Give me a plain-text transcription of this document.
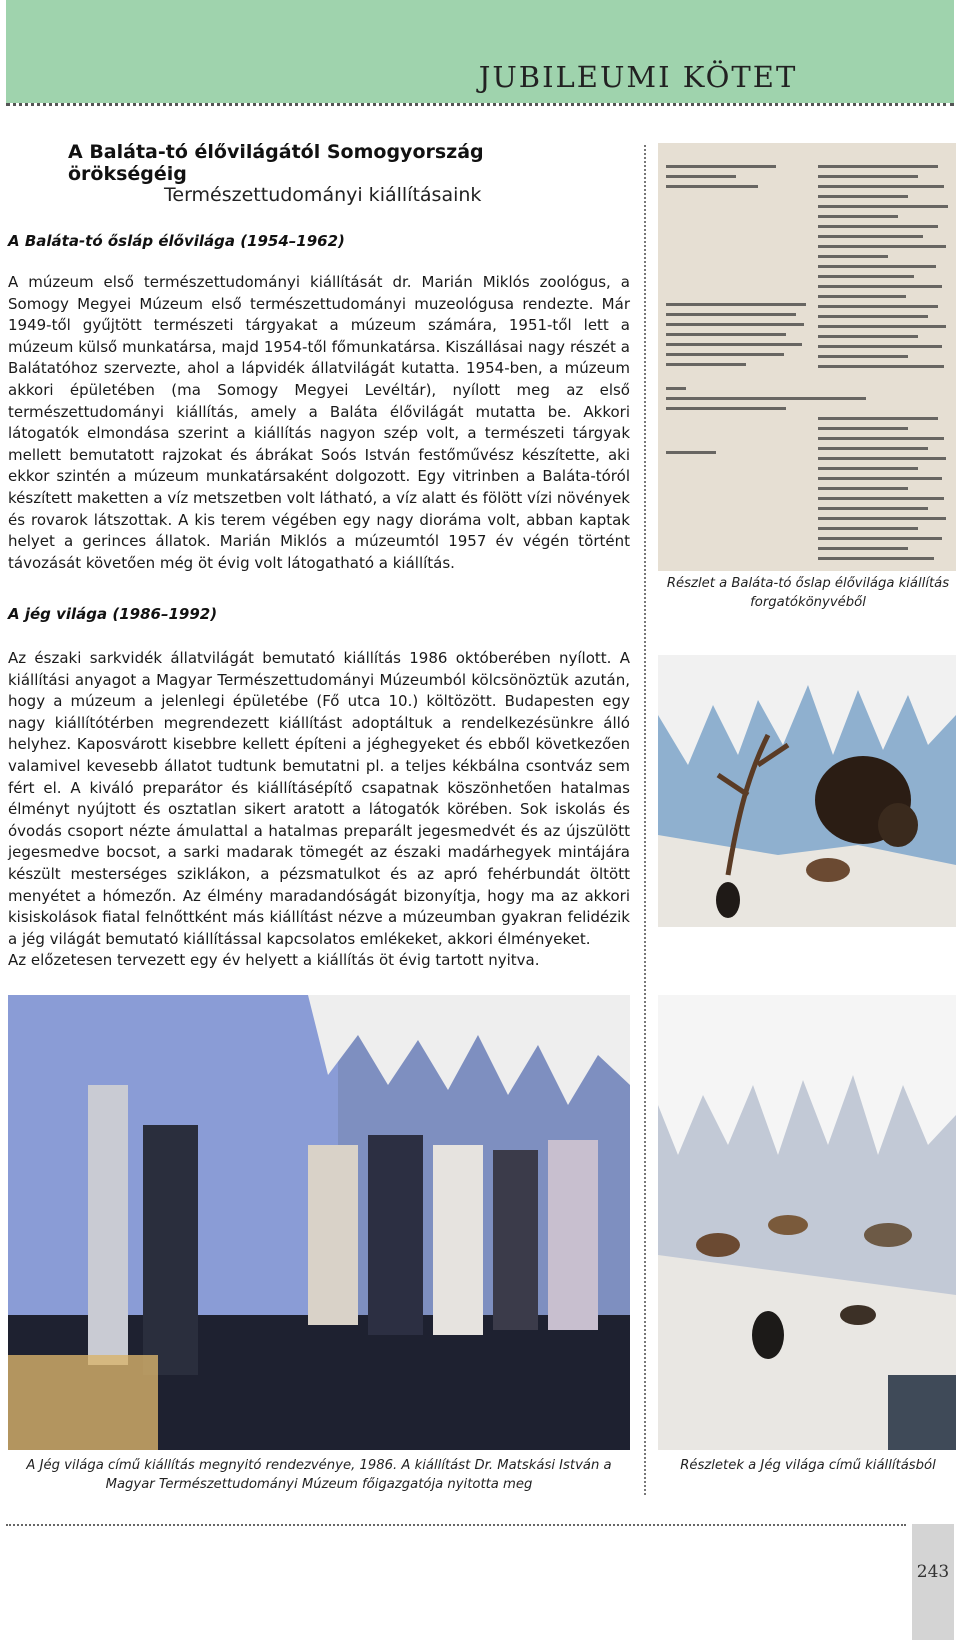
JUBILEUMI KÖTET
A Baláta-tó élővilágától Somogyország örökségéig
Természettudományi kiállításaink
A Baláta-tó ősláp élővilága (1954–1962)

A múzeum első természettudományi kiállítását dr. Marián Miklós zoológus, a Somogy Megyei Múzeum első természettudományi muzeológusa rendezte. Már 1949-től gyűjtött természeti tárgyakat a múzeum számára, 1951-től lett a múzeum külső munkatársa, majd 1954-től főmunkatársa. Kiszállásai nagy részét a Balátatóhoz szervezte, ahol a lápvidék állatvilágát kutatta. 1954-ben, a múzeum akkori épületében (ma Somogy Megyei Levéltár), nyílott meg az első természettudományi kiállítás, amely a Baláta élővilágát mutatta be. Akkori látogatók elmondása szerint a kiállítás nagyon szép volt, a természeti tárgyak mellett bemutatott rajzokat és ábrákat Soós István festőművész készítette, aki ekkor szintén a múzeum munkatársaként dolgozott. Egy vitrinben a Baláta-tóról készített maketten a víz metszetben volt látható, a víz alatt és fölött vízi növények és rovarok látszottak. A kis terem végében egy nagy dioráma volt, abban kaptak helyet a gerinces állatok. Marián Miklós a múzeumtól 1957 év végén történt távozását követően még öt évig volt látogatható a kiállítás.

A jég világa (1986–1992)

Az északi sarkvidék állatvilágát bemutató kiállítás 1986 októberében nyílott. A kiállítási anyagot a Magyar Természettudományi Múzeumból kölcsönöztük azután, hogy a múzeum a jelenlegi épületébe (Fő utca 10.) költözött. Budapesten egy nagy kiállítótérben megrendezett kiállítást adoptáltuk a rendelkezésünkre álló helyhez. Kaposvárott kisebbre kellett építeni a jéghegyeket és ebből következően valamivel kevesebb állatot tudtunk bemutatni pl. a teljes kékbálna csontváz sem fért el. A kiváló preparátor és kiállításépítő csapatnak köszönhetően hatalmas élményt nyújtott és osztatlan sikert aratott a látogatók körében. Sok iskolás és óvodás csoport nézte ámulattal a hatalmas preparált jegesmedvét és az újszülött jegesmedve bocsot, a sarki madarak tömegét az északi madárhegyek mintájára készült mesterséges sziklákon, a pézsmatulkot és az apró fehérbundát öltött menyétet a hómezőn. Az élmény maradandóságát bizonyítja, hogy ma az akkori kisiskolások fiatal felnőttként más kiállítást nézve a múzeumban gyakran felidézik a jég világát bemutató kiállítással kapcsolatos emlékeket, akkori élményeket.

Az előzetesen tervezett egy év helyett a kiállítás öt évig tartott nyitva.

Részlet a Baláta-tó őslap élővilága kiállítás forgatókönyvéből
A Jég világa című kiállítás megnyitó rendezvénye, 1986. A kiállítást Dr. Matskási István a Magyar Természettudományi Múzeum főigazgatója nyitotta meg
Részletek a Jég világa című kiállításból
243
